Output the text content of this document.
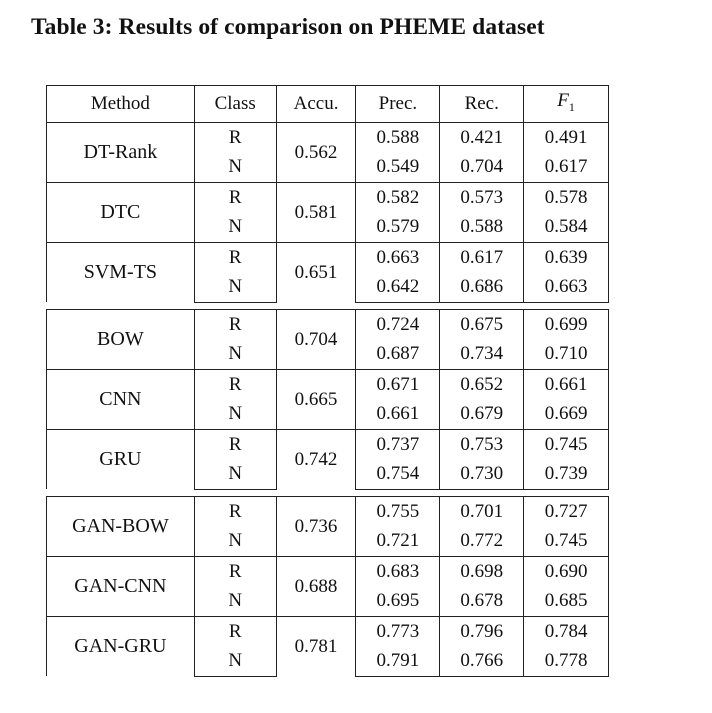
Table 3: Results of comparison on PHEME dataset
Method	Class	Accu.	Prec.	Rec.	$F_1$
DT-Rank	R	0.562	0.588	0.421	0.491
	N		0.549	0.704	0.617
DTC	R	0.581	0.582	0.573	0.578
	N		0.579	0.588	0.584
SVM-TS	R	0.651	0.663	0.617	0.639
	N		0.642	0.686	0.663

BOW	R	0.704	0.724	0.675	0.699
	N		0.687	0.734	0.710
CNN	R	0.665	0.671	0.652	0.661
	N		0.661	0.679	0.669
GRU	R	0.742	0.737	0.753	0.745
	N		0.754	0.730	0.739

GAN-BOW	R	0.736	0.755	0.701	0.727
	N		0.721	0.772	0.745
GAN-CNN	R	0.688	0.683	0.698	0.690
	N		0.695	0.678	0.685
GAN-GRU	R	0.781	0.773	0.796	0.784
	N		0.791	0.766	0.778
